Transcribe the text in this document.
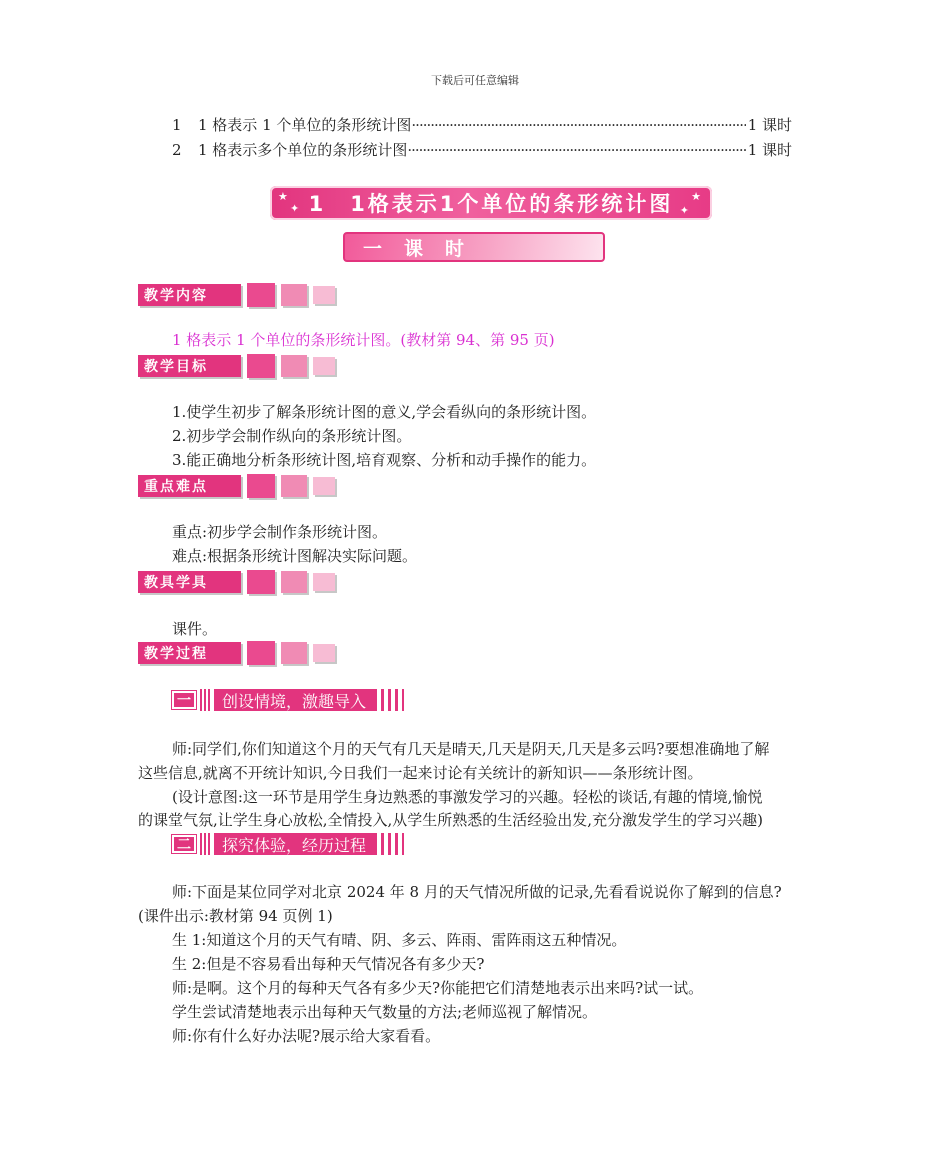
下载后可任意编辑
1	1 格表示 1 个单位的条形统计图 ·····	1 课时
2	1 格表示多个单位的条形统计图 ·····	1 课时
★
✦
★
✦
1　1格表示1个单位的条形统计图
一课时
教学内容
1 格表示 1 个单位的条形统计图。(教材第 94、第 95 页)
教学目标
1.使学生初步了解条形统计图的意义,学会看纵向的条形统计图。
2.初步学会制作纵向的条形统计图。
3.能正确地分析条形统计图,培育观察、分析和动手操作的能力。
重点难点
重点:初步学会制作条形统计图。
难点:根据条形统计图解决实际问题。
教具学具
课件。
教学过程
一	创设情境，激趣导入
师:同学们,你们知道这个月的天气有几天是晴天,几天是阴天,几天是多云吗?要想准确地了解
这些信息,就离不开统计知识,今日我们一起来讨论有关统计的新知识——条形统计图。
(设计意图:这一环节是用学生身边熟悉的事激发学习的兴趣。轻松的谈话,有趣的情境,愉悦
的课堂气氛,让学生身心放松,全情投入,从学生所熟悉的生活经验出发,充分激发学生的学习兴趣)
二	探究体验，经历过程
师:下面是某位同学对北京 2024 年 8 月的天气情况所做的记录,先看看说说你了解到的信息?
(课件出示:教材第 94 页例 1)
生 1:知道这个月的天气有晴、阴、多云、阵雨、雷阵雨这五种情况。
生 2:但是不容易看出每种天气情况各有多少天?
师:是啊。这个月的每种天气各有多少天?你能把它们清楚地表示出来吗?试一试。
学生尝试清楚地表示出每种天气数量的方法;老师巡视了解情况。
师:你有什么好办法呢?展示给大家看看。
